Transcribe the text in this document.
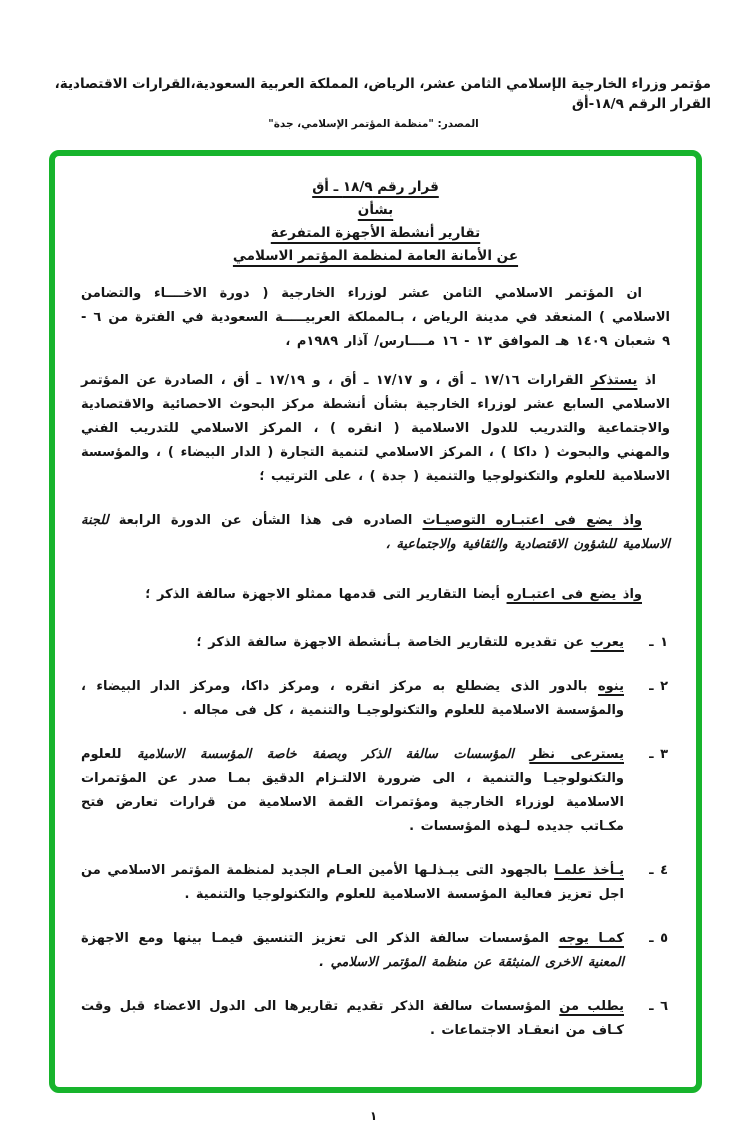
مؤتمر وزراء الخارجية الإسلامي الثامن عشر، الرياض، المملكة العربية السعودية،القرارات الاقتصادية، القرار الرقم ١٨/٩-أق
المصدر: "منظمة المؤتمر الإسلامي، جدة"
قرار رقم ١٨/٩ ـ أقبشأنتقارير أنشطة الأجهزة المتفرعةعن الأمانة العامة لمنظمة المؤتمر الاسلامي

ان المؤتمر الاسلامي الثامن عشر لوزراء الخارجية ( دورة الاخــــاء والتضامن الاسلامي ) المنعقد في مدينة الرياض ، بـالمملكة العربيـــــة السعودية في الفترة من ٦ - ٩ شعبان ١٤٠٩ هـ الموافق ١٣ - ١٦ مــــارس/ آذار ١٩٨٩م ،

اذ يستذكر القرارات ١٧/١٦ ـ أق ، و ١٧/١٧ ـ أق ، و ١٧/١٩ ـ أق ، الصادرة عن المؤتمر الاسلامي السابع عشر لوزراء الخارجية بشأن أنشطة مركز البحوث الاحصائية والاقتصادية والاجتماعية والتدريب للدول الاسلامية ( انقره ) ، المركز الاسلامي للتدريب الفني والمهني والبحوث ( داكا ) ، المركز الاسلامي لتنمية التجارة ( الدار البيضاء ) ، والمؤسسة الاسلامية للعلوم والتكنولوجيا والتنمية ( جدة ) ، على الترتيب ؛

واذ يضع فى اعتبـاره التوصيـات الصادره فى هذا الشأن عن الدورة الرابعة للجنة الاسلامية للشؤون الاقتصادية والثقافية والاجتماعية ،

واذ يضع فى اعتبـاره أيضا التقارير التى قدمها ممثلو الاجهزة سالفة الذكر ؛

١ ـ
يعرب عن تقديره للتقارير الخاصة بـأنشطة الاجهزة سالفة الذكر ؛
٢ ـ
ينوه بالدور الذى يضطلع به مركز انقره ، ومركز داكا، ومركز الدار البيضاء ، والمؤسسة الاسلامية للعلوم والتكنولوجيـا والتنمية ، كل فى مجاله .
٣ ـ
يسترعى نظر المؤسسات سالفة الذكر وبصفة خاصة المؤسسة الاسلامية للعلوم والتكنولوجيـا والتنمية ، الى ضرورة الالتـزام الدقيق بمـا صدر عن المؤتمرات الاسلامية لوزراء الخارجية ومؤتمرات القمة الاسلامية من قرارات تعارض فتح مكـاتب جديده لـهذه المؤسسات .
٤ ـ
يـأخذ علمـا بالجهود التى يبـذلـها الأمين العـام الجديد لمنظمة المؤتمر الاسلامي من اجل تعزيز فعالية المؤسسة الاسلامية للعلوم والتكنولوجيا والتنمية .
٥ ـ
كمـا يوجه المؤسسات سالفة الذكر الى تعزيز التنسيق فيمـا بينها ومع الاجهزة المعنية الاخرى المنبثقة عن منظمة المؤتمر الاسلامي .
٦ ـ
يطلب من المؤسسات سالفة الذكر تقديم تقاريرها الى الدول الاعضاء قبل وقت كـاف من انعقـاد الاجتماعات .
١
